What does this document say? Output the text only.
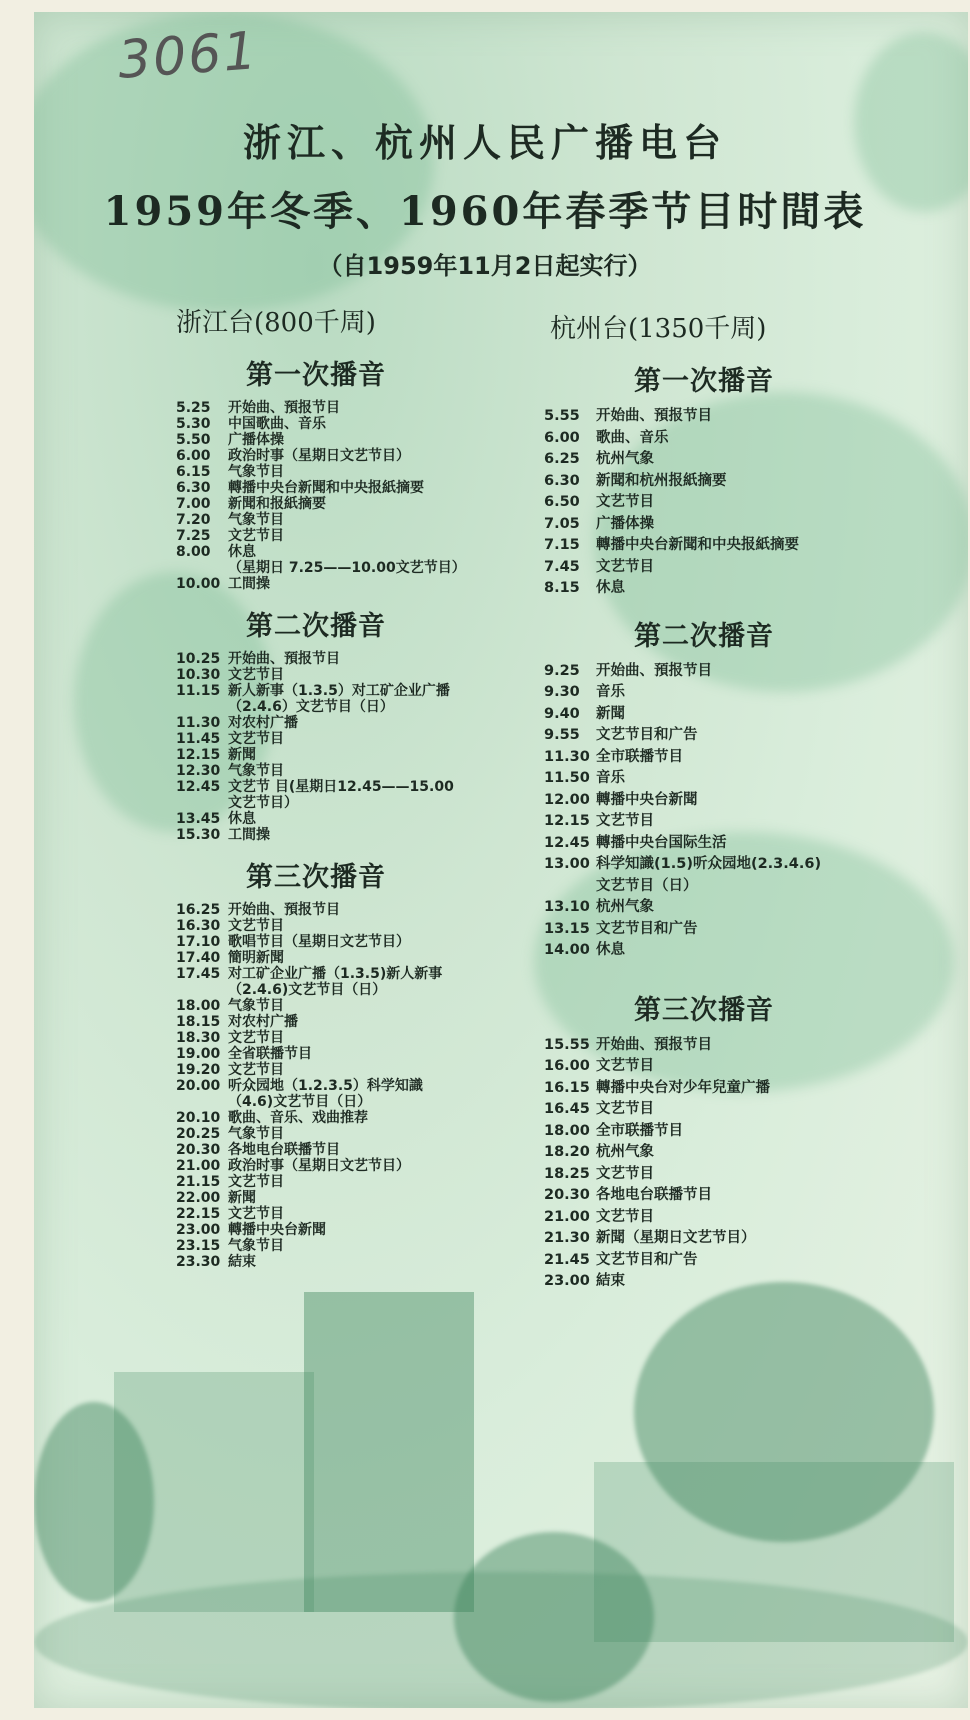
3061
浙江、杭州人民广播电台
1959年冬季、1960年春季节目时間表
（自1959年11月2日起实行）
浙江台(800千周)
第一次播音
5.25	开始曲、預报节目
5.30	中国歌曲、音乐
5.50	广播体操
6.00	政治时事（星期日文艺节目）
6.15	气象节目
6.30	轉播中央台新聞和中央报紙摘要
7.00	新聞和报紙摘要
7.20	气象节目
7.25	文艺节目
8.00	休息
（星期日 7.25——10.00文艺节目）
10.00 工間操
第二次播音
10.25 开始曲、預报节目
10.30 文艺节目
11.15 新人新事（1.3.5）对工矿企业广播
（2.4.6）文艺节目（日）
11.30 对农村广播
11.45 文艺节目
12.15 新聞
12.30 气象节目
12.45 文艺节 目(星期日12.45——15.00
文艺节目）
13.45 休息
15.30 工間操
第三次播音
16.25 开始曲、預报节目
16.30 文艺节目
17.10 歌唱节目（星期日文艺节目）
17.40 簡明新聞
17.45 对工矿企业广播（1.3.5)新人新事
（2.4.6)文艺节目（日）
18.00 气象节目
18.15 对农村广播
18.30 文艺节目
19.00 全省联播节目
19.20 文艺节目
20.00 听众园地（1.2.3.5）科学知識
（4.6)文艺节目（日）
20.10 歌曲、音乐、戏曲推荐
20.25 气象节目
20.30 各地电台联播节目
21.00 政治时事（星期日文艺节目）
21.15 文艺节目
22.00 新聞
22.15 文艺节目
23.00 轉播中央台新聞
23.15 气象节目
23.30 結束
杭州台(1350千周)
第一次播音
5.55	开始曲、預报节目
6.00	歌曲、音乐
6.25	杭州气象
6.30	新聞和杭州报紙摘要
6.50	文艺节目
7.05	广播体操
7.15	轉播中央台新聞和中央报紙摘要
7.45	文艺节目
8.15	休息
第二次播音
9.25	开始曲、預报节目
9.30	音乐
9.40	新聞
9.55	文艺节目和广告
11.30 全市联播节目
11.50 音乐
12.00 轉播中央台新聞
12.15 文艺节目
12.45 轉播中央台国际生活
13.00 科学知識(1.5)听众园地(2.3.4.6)
文艺节目（日）
13.10 杭州气象
13.15 文艺节目和广告
14.00 休息
第三次播音
15.55 开始曲、預报节目
16.00 文艺节目
16.15 轉播中央台对少年兒童广播
16.45 文艺节目
18.00 全市联播节目
18.20 杭州气象
18.25 文艺节目
20.30 各地电台联播节目
21.00 文艺节目
21.30 新聞（星期日文艺节目）
21.45 文艺节目和广告
23.00 結束
